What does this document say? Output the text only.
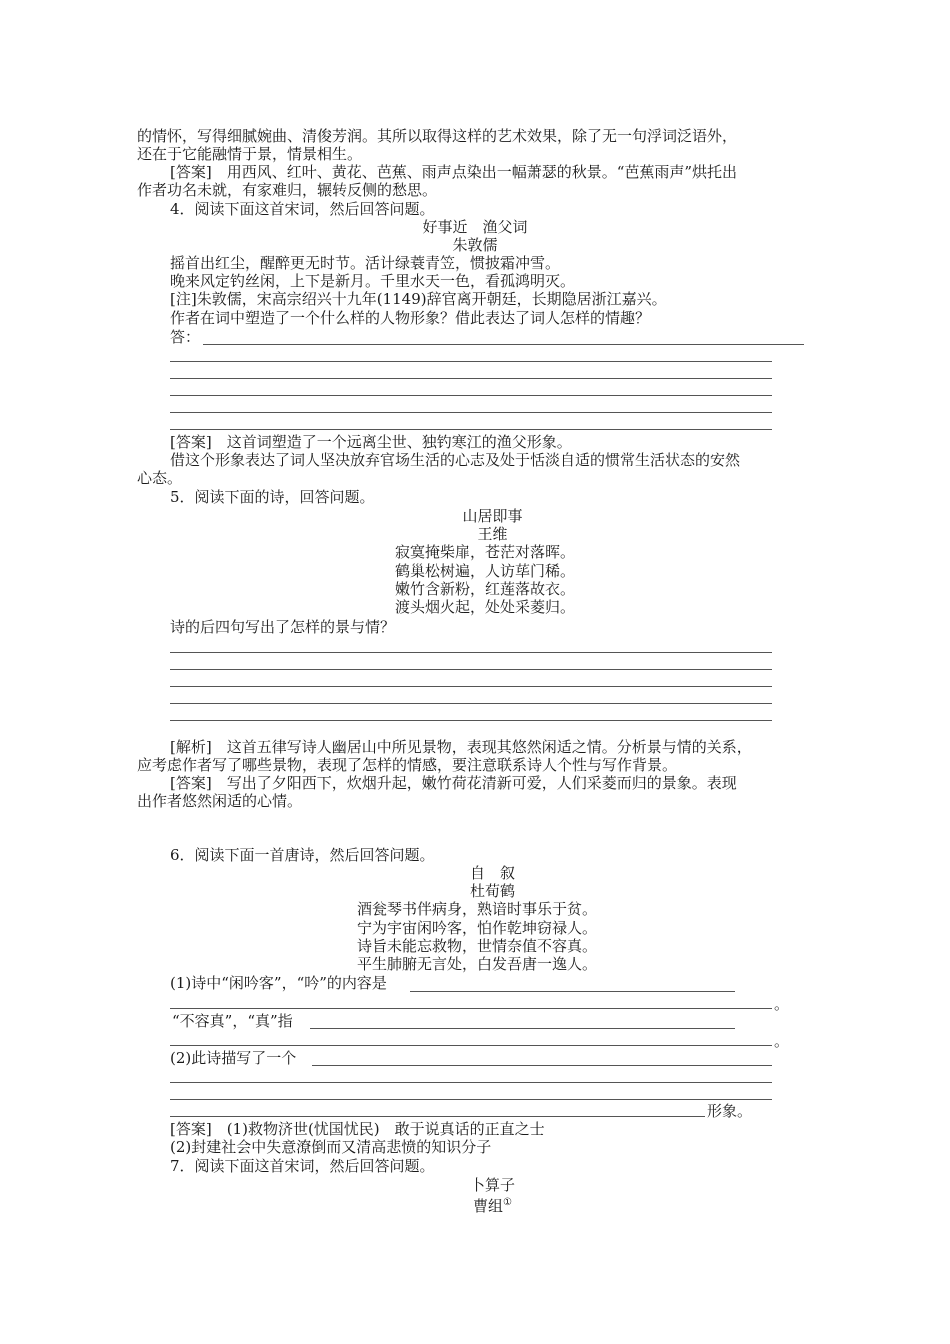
的情怀，写得细腻婉曲、清俊芳润。其所以取得这样的艺术效果，除了无一句浮词泛语外，
还在于它能融情于景，情景相生。
[答案]　用西风、红叶、黄花、芭蕉、雨声点染出一幅萧瑟的秋景。“芭蕉雨声”烘托出
作者功名未就，有家难归，辗转反侧的愁思。
4．阅读下面这首宋词，然后回答问题。
好事近　渔父词
朱敦儒
摇首出红尘，醒醉更无时节。活计绿蓑青笠，惯披霜冲雪。
晚来风定钓丝闲，上下是新月。千里水天一色，看孤鸿明灭。
[注]朱敦儒，宋高宗绍兴十九年(1149)辞官离开朝廷，长期隐居浙江嘉兴。
作者在词中塑造了一个什么样的人物形象？借此表达了词人怎样的情趣？
答：
[答案]　这首词塑造了一个远离尘世、独钓寒江的渔父形象。
借这个形象表达了词人坚决放弃官场生活的心志及处于恬淡自适的惯常生活状态的安然
心态。
5．阅读下面的诗，回答问题。
山居即事
王维
寂寞掩柴扉，苍茫对落晖。
鹤巢松树遍，人访荜门稀。
嫩竹含新粉，红莲落故衣。
渡头烟火起，处处采菱归。
诗的后四句写出了怎样的景与情？
[解析]　这首五律写诗人幽居山中所见景物，表现其悠然闲适之情。分析景与情的关系，
应考虑作者写了哪些景物，表现了怎样的情感，要注意联系诗人个性与写作背景。
[答案]　写出了夕阳西下，炊烟升起，嫩竹荷花清新可爱，人们采菱而归的景象。表现
出作者悠然闲适的心情。
6．阅读下面一首唐诗，然后回答问题。
自　叙
杜荀鹤
酒瓮琴书伴病身，熟谙时事乐于贫。
宁为宇宙闲吟客，怕作乾坤窃禄人。
诗旨未能忘救物，世情奈值不容真。
平生肺腑无言处，白发吾唐一逸人。
(1)诗中“闲吟客”，“吟”的内容是
。
“不容真”，“真”指
。
(2)此诗描写了一个
形象。
[答案]　(1)救物济世(忧国忧民)　敢于说真话的正直之士
(2)封建社会中失意潦倒而又清高悲愤的知识分子
7．阅读下面这首宋词，然后回答问题。
卜算子
曹组①
